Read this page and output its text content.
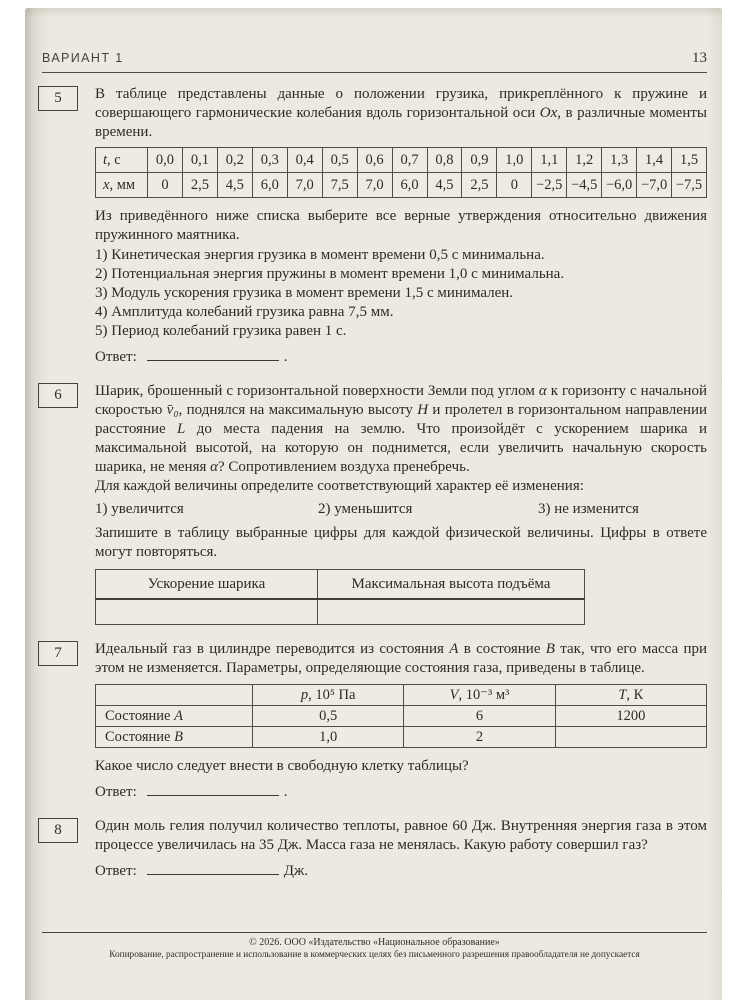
ВАРИАНТ 1	13
5	В таблице представлены данные о положении грузика, прикреплённого к пружине и совершающего гармонические колебания вдоль горизонтальной оси Ox, в различные моменты времени.

t, с	0,0	0,1	0,2	0,3	0,4	0,5	0,6	0,7	0,8	0,9	1,0	1,1	1,2	1,3	1,4	1,5
x, мм	0	2,5	4,5	6,0	7,0	7,5	7,0	6,0	4,5	2,5	0	−2,5	−4,5	−6,0	−7,0	−7,5

Из приведённого ниже списка выберите все верные утверждения относительно движения пружинного маятника.

1) Кинетическая энергия грузика в момент времени 0,5 с минимальна.
2) Потенциальная энергия пружины в момент времени 1,0 с минимальна.
3) Модуль ускорения грузика в момент времени 1,5 с минимален.
4) Амплитуда колебаний грузика равна 7,5 мм.
5) Период колебаний грузика равен 1 с.
Ответ:	.
6	Шарик, брошенный с горизонтальной поверхности Земли под углом α к горизонту с начальной скоростью v̄₀, поднялся на максимальную высоту H и пролетел в горизонтальном направлении расстояние L до места падения на землю. Что произойдёт с ускорением шарика и максимальной высотой, на которую он поднимется, если увеличить начальную скорость шарика, не меняя α? Сопротивлением воздуха пренебречь.

Для каждой величины определите соответствующий характер её изменения:

1) увеличится	2) уменьшится	3) не изменится

Запишите в таблицу выбранные цифры для каждой физической величины. Цифры в ответе могут повторяться.

Ускорение шарика	Максимальная высота подъёма

7	Идеальный газ в цилиндре переводится из состояния A в состояние B так, что его масса при этом не изменяется. Параметры, определяющие состояния газа, приведены в таблице.

	p, 10⁵ Па	V, 10⁻³ м³	T, К
Состояние A	0,5	6	1200
Состояние B	1,0	2	

Какое число следует внести в свободную клетку таблицы?

Ответ:	.
8	Один моль гелия получил количество теплоты, равное 60 Дж. Внутренняя энергия газа в этом процессе увеличилась на 35 Дж. Масса газа не менялась. Какую работу совершил газ?

Ответ:	Дж.
© 2026. ООО «Издательство «Национальное образование»
Копирование, распространение и использование в коммерческих целях без письменного разрешения правообладателя не допускается
